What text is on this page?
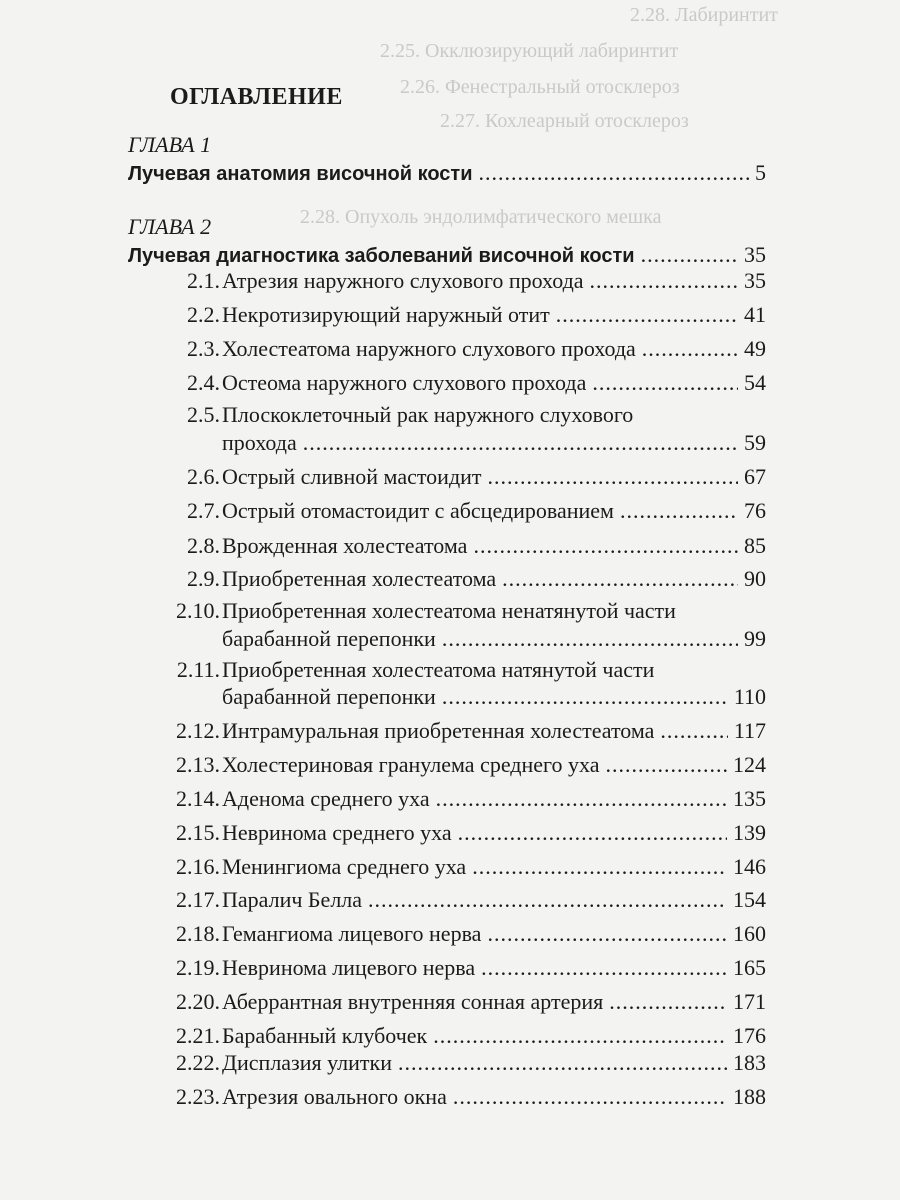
2.28. Лабиринтит
2.25. Окклюзирующий лабиринтит
2.26. Фенестральный отосклероз
2.27. Кохлеарный отосклероз
2.28. Опухоль эндолимфатического мешка
ОГЛАВЛЕНИЕ
ГЛАВА 1
Лучевая анатомия височной кости .....	5
ГЛАВА 2
Лучевая диагностика заболеваний височной кости .....	35
2.1. Атрезия наружного слухового прохода .....	35
2.2. Некротизирующий наружный отит .....	41
2.3. Холестеатома наружного слухового прохода .....	49
2.4. Остеома наружного слухового прохода .....	54
2.5. Плоскоклеточный рак наружного слухового
прохода .....	59
2.6. Острый сливной мастоидит .....	67
2.7. Острый отомастоидит с абсцедированием .....	76
2.8. Врожденная холестеатома .....	85
2.9. Приобретенная холестеатома .....	90
2.10. Приобретенная холестеатома ненатянутой части
барабанной перепонки .....	99
2.11. Приобретенная холестеатома натянутой части
барабанной перепонки .....	110
2.12. Интрамуральная приобретенная холестеатома .....	117
2.13. Холестериновая гранулема среднего уха .....	124
2.14. Аденома среднего уха .....	135
2.15. Невринома среднего уха .....	139
2.16. Менингиома среднего уха .....	146
2.17. Паралич Белла .....	154
2.18. Гемангиома лицевого нерва .....	160
2.19. Невринома лицевого нерва .....	165
2.20. Аберрантная внутренняя сонная артерия .....	171
2.21. Барабанный клубочек .....	176
2.22. Дисплазия улитки .....	183
2.23. Атрезия овального окна .....	188
